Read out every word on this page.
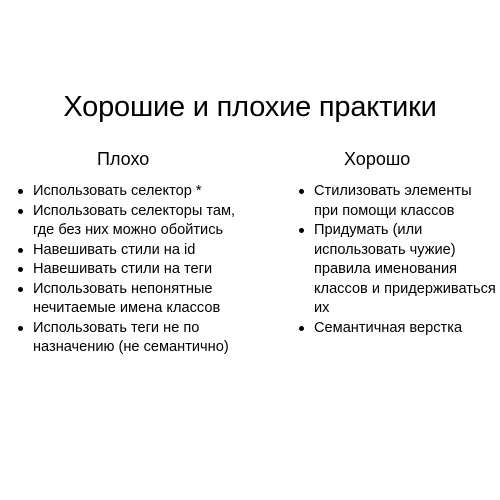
Хорошие и плохие практики
Плохо
Использовать селектор *
Использовать селекторы там, где без них можно обойтись
Навешивать стили на id
Навешивать стили на теги
Использовать непонятные нечитаемые имена классов
Использовать теги не по назначению (не семантично)
Хорошо
Стилизовать элементы при помощи классов
Придумать (или использовать чужие) правила именования классов и придерживаться их
Семантичная верстка
